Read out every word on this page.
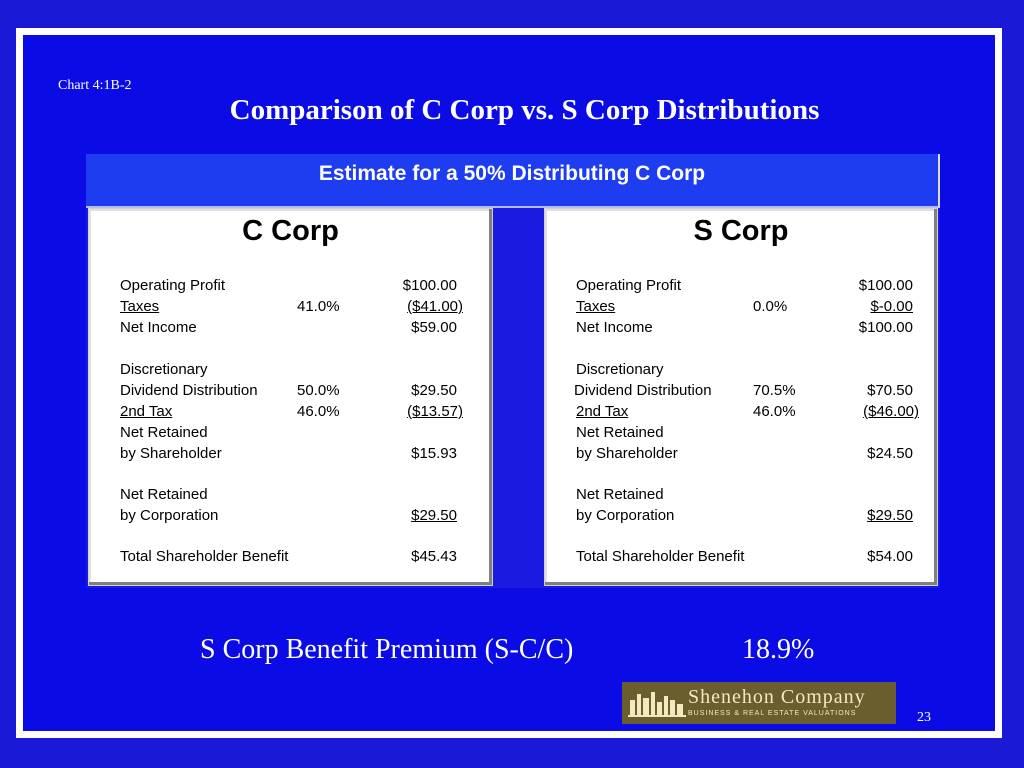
Chart 4:1B-2
Comparison of C Corp vs. S Corp Distributions
Estimate for a 50% Distributing C Corp
C Corp
Operating Profit	$100.00
Taxes	41.0%	($41.00)
Net Income	$59.00
Discretionary
Dividend Distribution	50.0%	$29.50
2nd Tax	46.0%	($13.57)
Net Retained
by Shareholder	$15.93
Net Retained
by Corporation	$29.50
Total Shareholder Benefit	$45.43
S Corp
Operating Profit	$100.00
Taxes	0.0%	$-0.00
Net Income	$100.00
Discretionary
Dividend Distribution	70.5%	$70.50
2nd Tax	46.0%	($46.00)
Net Retained
by Shareholder	$24.50
Net Retained
by Corporation	$29.50
Total Shareholder Benefit	$54.00
S Corp Benefit Premium (S-C/C)	18.9%
Shenehon Company
BUSINESS & REAL ESTATE VALUATIONS	23
